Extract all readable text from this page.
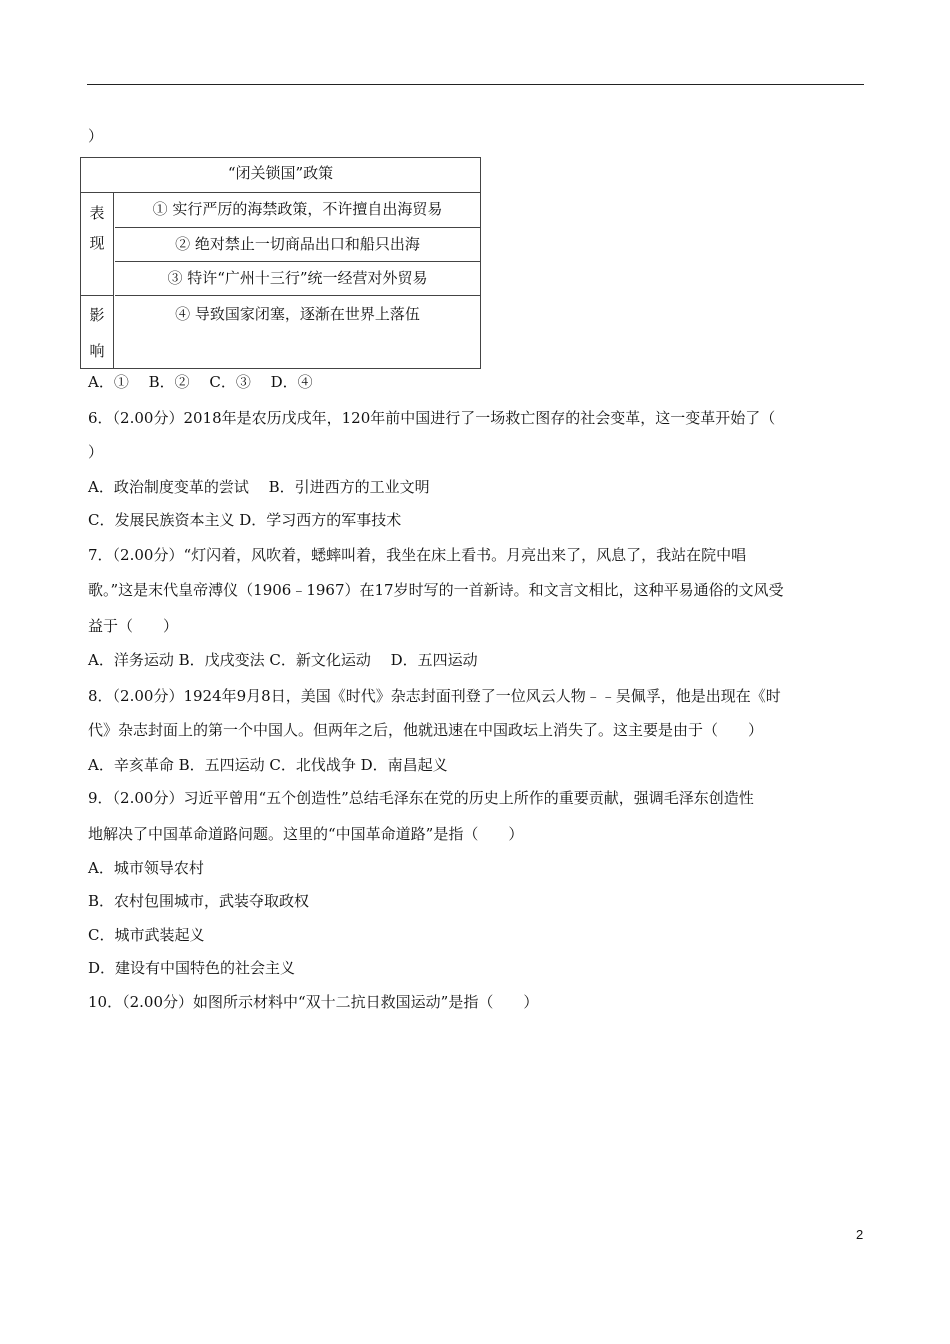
）
“闭关锁国”政策
表
现
① 实行严厉的海禁政策，不许擅自出海贸易
② 绝对禁止一切商品出口和船只出海
③ 特许“广州十三行”统一经营对外贸易
影
响
④ 导致国家闭塞，逐渐在世界上落伍
A．①　 B．②　 C．③　 D．④
6．（2.00分）2018年是农历戊戌年，120年前中国进行了一场救亡图存的社会变革，这一变革开始了（
）
A．政治制度变革的尝试　 B．引进西方的工业文明
C．发展民族资本主义 D．学习西方的军事技术
7．（2.00分）“灯闪着，风吹着，蟋蟀叫着，我坐在床上看书。月亮出来了，风息了，我站在院中唱
歌。”这是末代皇帝溥仪（1906﹣1967）在17岁时写的一首新诗。和文言文相比，这种平易通俗的文风受
益于（　　）
A．洋务运动 B．戊戌变法 C．新文化运动　 D．五四运动
8．（2.00分）1924年9月8日，美国《时代》杂志封面刊登了一位风云人物﹣﹣吴佩孚，他是出现在《时
代》杂志封面上的第一个中国人。但两年之后，他就迅速在中国政坛上消失了。这主要是由于（　　）
A．辛亥革命 B．五四运动 C．北伐战争 D．南昌起义
9．（2.00分）习近平曾用“五个创造性”总结毛泽东在党的历史上所作的重要贡献，强调毛泽东创造性
地解决了中国革命道路问题。这里的“中国革命道路”是指（　　）
A．城市领导农村
B．农村包围城市，武装夺取政权
C．城市武装起义
D．建设有中国特色的社会主义
10．（2.00分）如图所示材料中“双十二抗日救国运动”是指（　　）
2
